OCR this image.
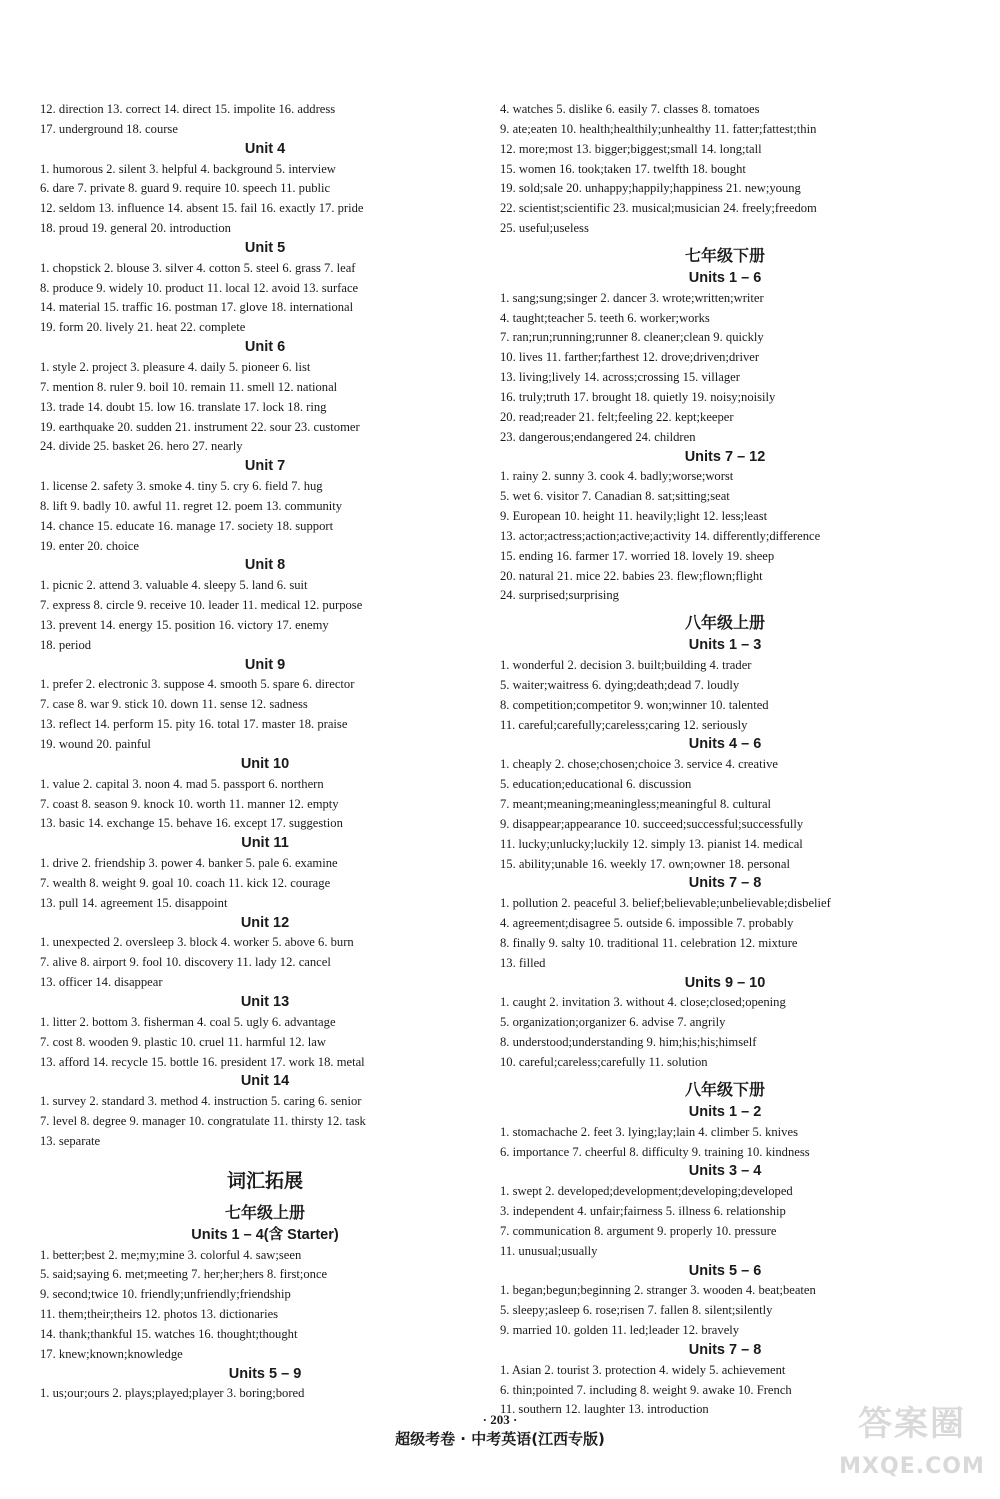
12. direction 13. correct 14. direct 15. impolite 16. address
17. underground 18. course
Unit 4
1. humorous 2. silent 3. helpful 4. background 5. interview
6. dare 7. private 8. guard 9. require 10. speech 11. public
12. seldom 13. influence 14. absent 15. fail 16. exactly 17. pride
18. proud 19. general 20. introduction
Unit 5
1. chopstick 2. blouse 3. silver 4. cotton 5. steel 6. grass 7. leaf
8. produce 9. widely 10. product 11. local 12. avoid 13. surface
14. material 15. traffic 16. postman 17. glove 18. international
19. form 20. lively 21. heat 22. complete
Unit 6
1. style 2. project 3. pleasure 4. daily 5. pioneer 6. list
7. mention 8. ruler 9. boil 10. remain 11. smell 12. national
13. trade 14. doubt 15. low 16. translate 17. lock 18. ring
19. earthquake 20. sudden 21. instrument 22. sour 23. customer
24. divide 25. basket 26. hero 27. nearly
Unit 7
1. license 2. safety 3. smoke 4. tiny 5. cry 6. field 7. hug
8. lift 9. badly 10. awful 11. regret 12. poem 13. community
14. chance 15. educate 16. manage 17. society 18. support
19. enter 20. choice
Unit 8
1. picnic 2. attend 3. valuable 4. sleepy 5. land 6. suit
7. express 8. circle 9. receive 10. leader 11. medical 12. purpose
13. prevent 14. energy 15. position 16. victory 17. enemy
18. period
Unit 9
1. prefer 2. electronic 3. suppose 4. smooth 5. spare 6. director
7. case 8. war 9. stick 10. down 11. sense 12. sadness
13. reflect 14. perform 15. pity 16. total 17. master 18. praise
19. wound 20. painful
Unit 10
1. value 2. capital 3. noon 4. mad 5. passport 6. northern
7. coast 8. season 9. knock 10. worth 11. manner 12. empty
13. basic 14. exchange 15. behave 16. except 17. suggestion
Unit 11
1. drive 2. friendship 3. power 4. banker 5. pale 6. examine
7. wealth 8. weight 9. goal 10. coach 11. kick 12. courage
13. pull 14. agreement 15. disappoint
Unit 12
1. unexpected 2. oversleep 3. block 4. worker 5. above 6. burn
7. alive 8. airport 9. fool 10. discovery 11. lady 12. cancel
13. officer 14. disappear
Unit 13
1. litter 2. bottom 3. fisherman 4. coal 5. ugly 6. advantage
7. cost 8. wooden 9. plastic 10. cruel 11. harmful 12. law
13. afford 14. recycle 15. bottle 16. president 17. work 18. metal
Unit 14
1. survey 2. standard 3. method 4. instruction 5. caring 6. senior
7. level 8. degree 9. manager 10. congratulate 11. thirsty 12. task
13. separate
词汇拓展
七年级上册
Units 1 – 4(含 Starter)
1. better;best 2. me;my;mine 3. colorful 4. saw;seen
5. said;saying 6. met;meeting 7. her;her;hers 8. first;once
9. second;twice 10. friendly;unfriendly;friendship
11. them;their;theirs 12. photos 13. dictionaries
14. thank;thankful 15. watches 16. thought;thought
17. knew;known;knowledge
Units 5 – 9
1. us;our;ours 2. plays;played;player 3. boring;bored
4. watches 5. dislike 6. easily 7. classes 8. tomatoes
9. ate;eaten 10. health;healthily;unhealthy 11. fatter;fattest;thin
12. more;most 13. bigger;biggest;small 14. long;tall
15. women 16. took;taken 17. twelfth 18. bought
19. sold;sale 20. unhappy;happily;happiness 21. new;young
22. scientist;scientific 23. musical;musician 24. freely;freedom
25. useful;useless
七年级下册
Units 1 – 6
1. sang;sung;singer 2. dancer 3. wrote;written;writer
4. taught;teacher 5. teeth 6. worker;works
7. ran;run;running;runner 8. cleaner;clean 9. quickly
10. lives 11. farther;farthest 12. drove;driven;driver
13. living;lively 14. across;crossing 15. villager
16. truly;truth 17. brought 18. quietly 19. noisy;noisily
20. read;reader 21. felt;feeling 22. kept;keeper
23. dangerous;endangered 24. children
Units 7 – 12
1. rainy 2. sunny 3. cook 4. badly;worse;worst
5. wet 6. visitor 7. Canadian 8. sat;sitting;seat
9. European 10. height 11. heavily;light 12. less;least
13. actor;actress;action;active;activity 14. differently;difference
15. ending 16. farmer 17. worried 18. lovely 19. sheep
20. natural 21. mice 22. babies 23. flew;flown;flight
24. surprised;surprising
八年级上册
Units 1 – 3
1. wonderful 2. decision 3. built;building 4. trader
5. waiter;waitress 6. dying;death;dead 7. loudly
8. competition;competitor 9. won;winner 10. talented
11. careful;carefully;careless;caring 12. seriously
Units 4 – 6
1. cheaply 2. chose;chosen;choice 3. service 4. creative
5. education;educational 6. discussion
7. meant;meaning;meaningless;meaningful 8. cultural
9. disappear;appearance 10. succeed;successful;successfully
11. lucky;unlucky;luckily 12. simply 13. pianist 14. medical
15. ability;unable 16. weekly 17. own;owner 18. personal
Units 7 – 8
1. pollution 2. peaceful 3. belief;believable;unbelievable;disbelief
4. agreement;disagree 5. outside 6. impossible 7. probably
8. finally 9. salty 10. traditional 11. celebration 12. mixture
13. filled
Units 9 – 10
1. caught 2. invitation 3. without 4. close;closed;opening
5. organization;organizer 6. advise 7. angrily
8. understood;understanding 9. him;his;his;himself
10. careful;careless;carefully 11. solution
八年级下册
Units 1 – 2
1. stomachache 2. feet 3. lying;lay;lain 4. climber 5. knives
6. importance 7. cheerful 8. difficulty 9. training 10. kindness
Units 3 – 4
1. swept 2. developed;development;developing;developed
3. independent 4. unfair;fairness 5. illness 6. relationship
7. communication 8. argument 9. properly 10. pressure
11. unusual;usually
Units 5 – 6
1. began;begun;beginning 2. stranger 3. wooden 4. beat;beaten
5. sleepy;asleep 6. rose;risen 7. fallen 8. silent;silently
9. married 10. golden 11. led;leader 12. bravely
Units 7 – 8
1. Asian 2. tourist 3. protection 4. widely 5. achievement
6. thin;pointed 7. including 8. weight 9. awake 10. French
11. southern 12. laughter 13. introduction
· 203 ·
超级考卷 · 中考英语(江西专版)	答案圈
MXQE.COM
